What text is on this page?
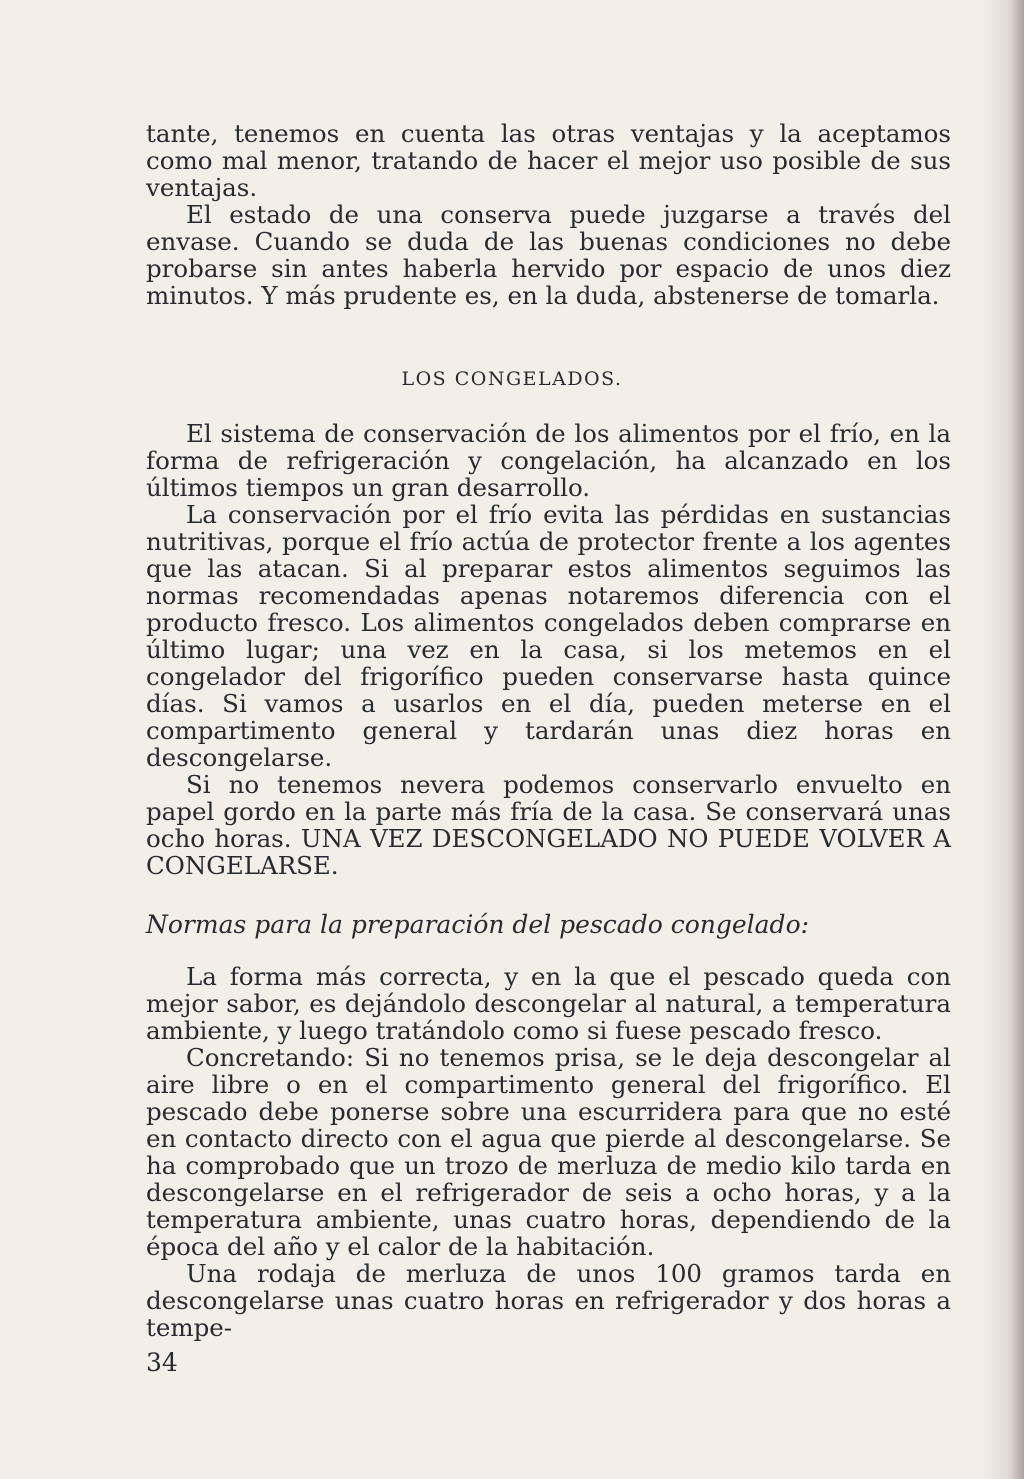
tante, tenemos en cuenta las otras ventajas y la aceptamos como mal menor, tratando de hacer el mejor uso posible de sus ventajas.

El estado de una conserva puede juzgarse a través del envase. Cuando se duda de las buenas condiciones no debe probarse sin antes haberla hervido por espacio de unos diez minutos. Y más prudente es, en la duda, abstenerse de tomarla.

LOS CONGELADOS.

El sistema de conservación de los alimentos por el frío, en la forma de refrigeración y congelación, ha alcanzado en los últimos tiempos un gran desarrollo.

La conservación por el frío evita las pérdidas en sustancias nutritivas, porque el frío actúa de protector frente a los agentes que las atacan. Si al preparar estos alimentos seguimos las normas recomendadas apenas notaremos diferencia con el producto fresco. Los alimentos congelados deben comprarse en último lugar; una vez en la casa, si los metemos en el congelador del frigorífico pueden conservarse hasta quince días. Si vamos a usarlos en el día, pueden meterse en el compartimento general y tardarán unas diez horas en descongelarse.

Si no tenemos nevera podemos conservarlo envuelto en papel gordo en la parte más fría de la casa. Se conservará unas ocho horas. UNA VEZ DESCONGELADO NO PUEDE VOLVER A CONGELARSE.

Normas para la preparación del pescado congelado:

La forma más correcta, y en la que el pescado queda con mejor sabor, es dejándolo descongelar al natural, a temperatura ambiente, y luego tratándolo como si fuese pescado fresco.

Concretando: Si no tenemos prisa, se le deja descongelar al aire libre o en el compartimento general del frigorífico. El pescado debe ponerse sobre una escurridera para que no esté en contacto directo con el agua que pierde al descongelarse. Se ha comprobado que un trozo de merluza de medio kilo tarda en descongelarse en el refrigerador de seis a ocho horas, y a la temperatura ambiente, unas cuatro horas, dependiendo de la época del año y el calor de la habitación.

Una rodaja de merluza de unos 100 gramos tarda en descongelarse unas cuatro horas en refrigerador y dos horas a tempe-

34
